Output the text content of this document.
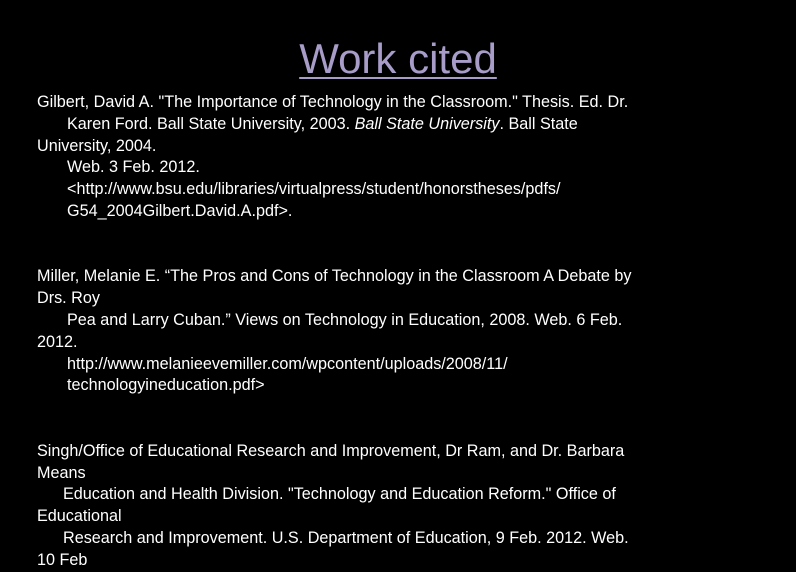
Work cited
Gilbert, David A. "The Importance of Technology in the Classroom." Thesis. Ed. Dr.
Karen Ford. Ball State University, 2003. Ball State University. Ball State
University, 2004.
Web. 3 Feb. 2012.
<http://www.bsu.edu/libraries/virtualpress/student/honorstheses/pdfs/
G54_2004Gilbert.David.A.pdf>.
Miller, Melanie E. “The Pros and Cons of Technology in the Classroom A Debate by
Drs. Roy
Pea and Larry Cuban.” Views on Technology in Education, 2008. Web. 6 Feb.
2012.
http://www.melanieevemiller.com/wpcontent/uploads/2008/11/
technologyineducation.pdf>
Singh/Office of Educational Research and Improvement, Dr Ram, and Dr. Barbara
Means
Education and Health Division. "Technology and Education Reform." Office of
Educational
Research and Improvement. U.S. Department of Education, 9 Feb. 2012. Web.
10 Feb
